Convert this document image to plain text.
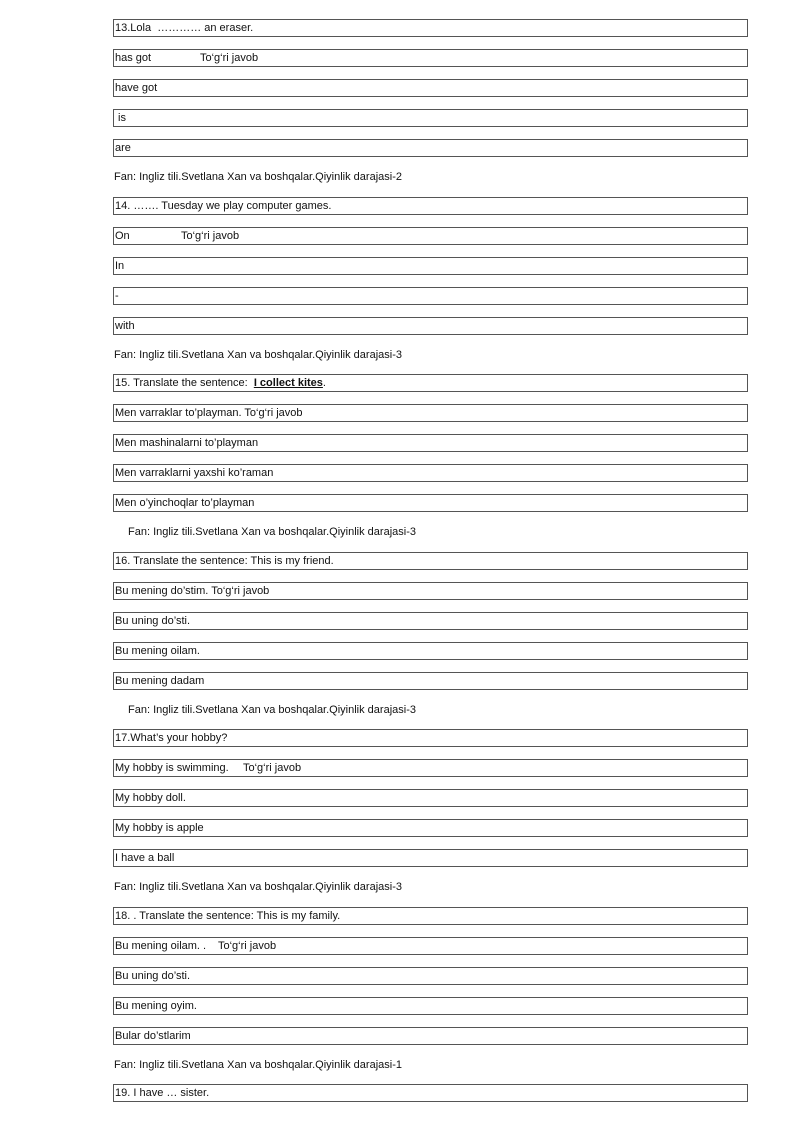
13.Lola  ………… an eraser.
has got	To‘g‘ri javob
have got
is
are
Fan: Ingliz tili.Svetlana Xan va boshqalar.Qiyinlik darajasi-2
14. ……. Tuesday we play computer games.
On	To‘g‘ri javob
In
-
with
Fan: Ingliz tili.Svetlana Xan va boshqalar.Qiyinlik darajasi-3
15. Translate the sentence:  I collect kites.
Men varraklar to’playman. To‘g‘ri javob
Men mashinalarni to’playman
Men varraklarni yaxshi ko’raman
Men o’yinchoqlar to’playman
Fan: Ingliz tili.Svetlana Xan va boshqalar.Qiyinlik darajasi-3
16. Translate the sentence: This is my friend.
Bu mening do’stim. To‘g‘ri javob
Bu uning do’sti.
Bu mening oilam.
Bu mening dadam
Fan: Ingliz tili.Svetlana Xan va boshqalar.Qiyinlik darajasi-3
17.What’s your hobby?
My hobby is swimming. To‘g‘ri javob
My hobby doll.
My hobby is apple
I have a ball
Fan: Ingliz tili.Svetlana Xan va boshqalar.Qiyinlik darajasi-3
18. . Translate the sentence: This is my family.
Bu mening oilam. . To‘g‘ri javob
Bu uning do’sti.
Bu mening oyim.
Bular do’stlarim
Fan: Ingliz tili.Svetlana Xan va boshqalar.Qiyinlik darajasi-1
19. I have … sister.
